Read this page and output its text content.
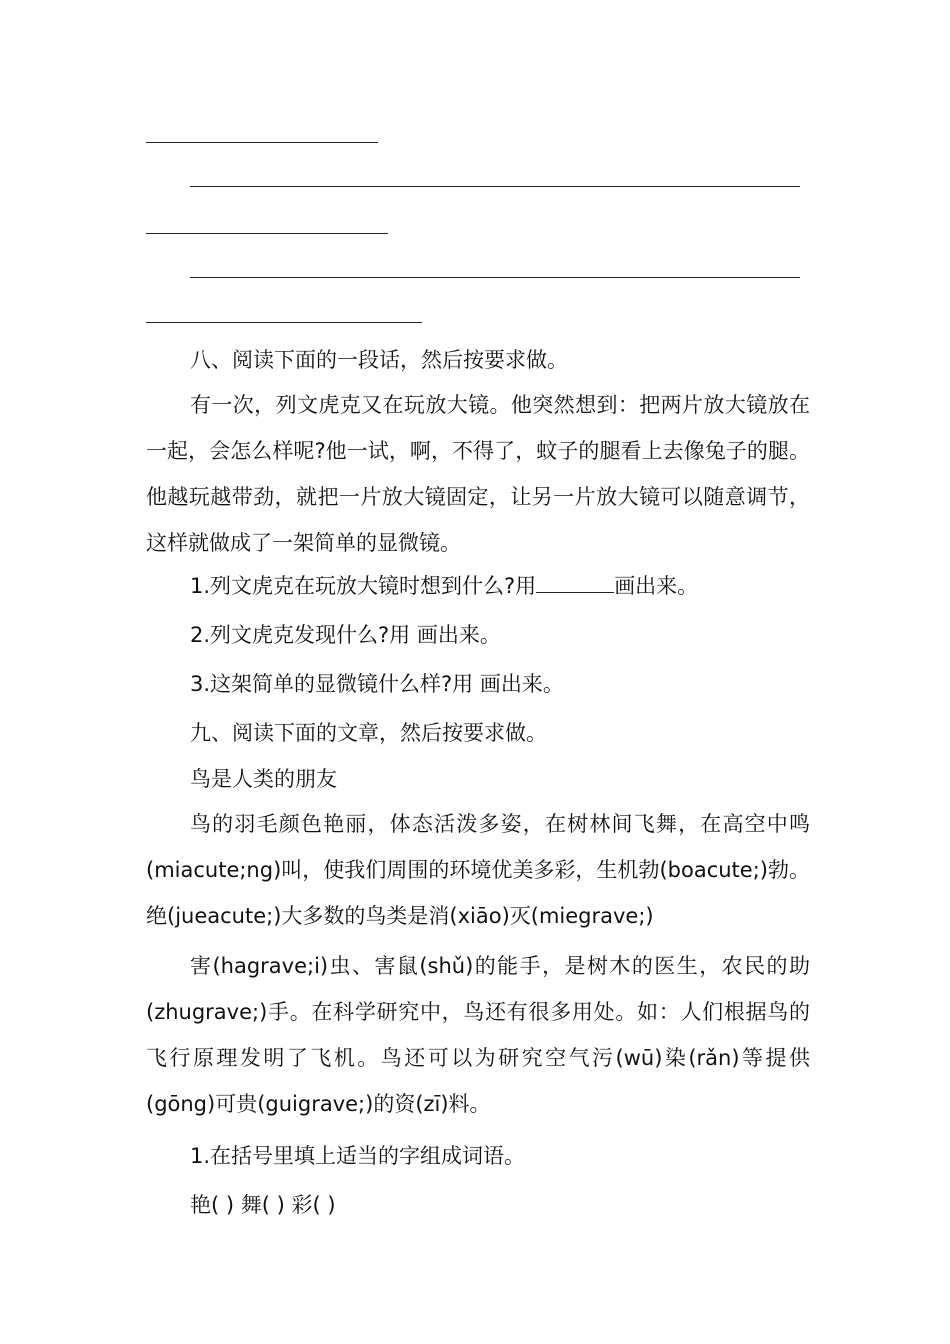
八、阅读下面的一段话，然后按要求做。

有一次，列文虎克又在玩放大镜。他突然想到：把两片放大镜放在一起，会怎么样呢?他一试，啊，不得了，蚊子的腿看上去像兔子的腿。他越玩越带劲，就把一片放大镜固定，让另一片放大镜可以随意调节，这样就做成了一架简单的显微镜。

1.列文虎克在玩放大镜时想到什么?用	画出来。

2.列文虎克发现什么?用 画出来。

3.这架简单的显微镜什么样?用 画出来。

九、阅读下面的文章，然后按要求做。

鸟是人类的朋友

鸟的羽毛颜色艳丽，体态活泼多姿，在树林间飞舞，在高空中鸣(miacute;ng)叫，使我们周围的环境优美多彩，生机勃(boacute;)勃。绝(jueacute;)大多数的鸟类是消(xiāo)灭(miegrave;)

害(hagrave;i)虫、害鼠(shǔ)的能手，是树木的医生，农民的助(zhugrave;)手。在科学研究中，鸟还有很多用处。如：人们根据鸟的飞行原理发明了飞机。鸟还可以为研究空气污(wū)染(rǎn)等提供(gōng)可贵(guigrave;)的资(zī)料。

1.在括号里填上适当的字组成词语。

艳( ) 舞( ) 彩( )
